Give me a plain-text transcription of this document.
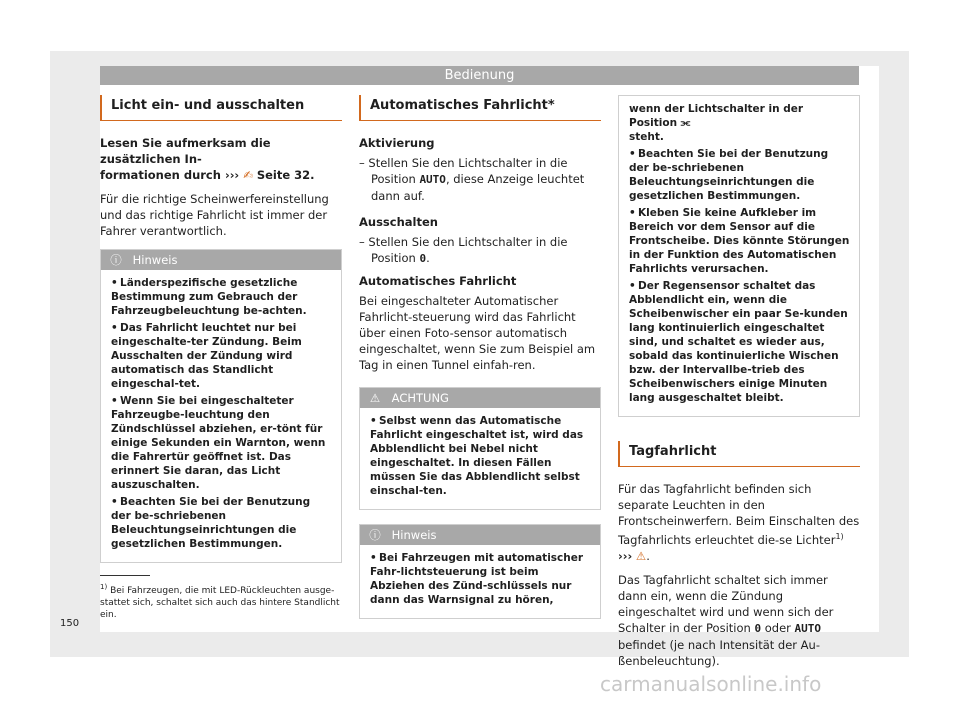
Bedienung
Licht ein- und ausschalten

Lesen Sie aufmerksam die zusätzlichen In-
formationen durch ››› ✍ Seite 32.

Für die richtige Scheinwerfereinstellung und das richtige Fahrlicht ist immer der Fahrer verantwortlich.

ⓘ Hinweis

• Länderspezifische gesetzliche Bestimmung zum Gebrauch der Fahrzeugbeleuchtung be-achten.

• Das Fahrlicht leuchtet nur bei eingeschalte-ter Zündung. Beim Ausschalten der Zündung wird automatisch das Standlicht eingeschal-tet.

• Wenn Sie bei eingeschalteter Fahrzeugbe-leuchtung den Zündschlüssel abziehen, er-tönt für einige Sekunden ein Warnton, wenn die Fahrertür geöffnet ist. Das erinnert Sie daran, das Licht auszuschalten.

• Beachten Sie bei der Benutzung der be-schriebenen Beleuchtungseinrichtungen die gesetzlichen Bestimmungen.

Automatisches Fahrlicht*
Aktivierung
– Stellen Sie den Lichtschalter in die Position AUTO, diese Anzeige leuchtet dann auf.
Ausschalten
– Stellen Sie den Lichtschalter in die Position 0.
Automatisches Fahrlicht

Bei eingeschalteter Automatischer Fahrlicht-steuerung wird das Fahrlicht über einen Foto-sensor automatisch eingeschaltet, wenn Sie zum Beispiel am Tag in einen Tunnel einfah-ren.

⚠ ACHTUNG

• Selbst wenn das Automatische Fahrlicht eingeschaltet ist, wird das Abblendlicht bei Nebel nicht eingeschaltet. In diesen Fällen müssen Sie das Abblendlicht selbst einschal-ten.

ⓘ Hinweis

• Bei Fahrzeugen mit automatischer Fahr-lichtsteuerung ist beim Abziehen des Zünd-schlüssels nur dann das Warnsignal zu hören,

wenn der Lichtschalter in der Position ⫘
steht.

• Beachten Sie bei der Benutzung der be-schriebenen Beleuchtungseinrichtungen die gesetzlichen Bestimmungen.

• Kleben Sie keine Aufkleber im Bereich vor dem Sensor auf die Frontscheibe. Dies könnte Störungen in der Funktion des Automatischen Fahrlichts verursachen.

• Der Regensensor schaltet das Abblendlicht ein, wenn die Scheibenwischer ein paar Se-kunden lang kontinuierlich eingeschaltet sind, und schaltet es wieder aus, sobald das kontinuierliche Wischen bzw. der Intervallbe-trieb des Scheibenwischers einige Minuten lang ausgeschaltet bleibt.

Tagfahrlicht

Für das Tagfahrlicht befinden sich separate Leuchten in den Frontscheinwerfern. Beim Einschalten des Tagfahrlichts erleuchtet die-se Lichter$^{1)}$ ››› ⚠.

Das Tagfahrlicht schaltet sich immer dann ein, wenn die Zündung eingeschaltet wird und wenn sich der Schalter in der Position 0 oder AUTO befindet (je nach Intensität der Au-ßenbeleuchtung).

$^{1)}$ Bei Fahrzeugen, die mit LED-Rückleuchten ausge-stattet sich, schaltet sich auch das hintere Standlicht ein.
150
carmanualsonline.info
